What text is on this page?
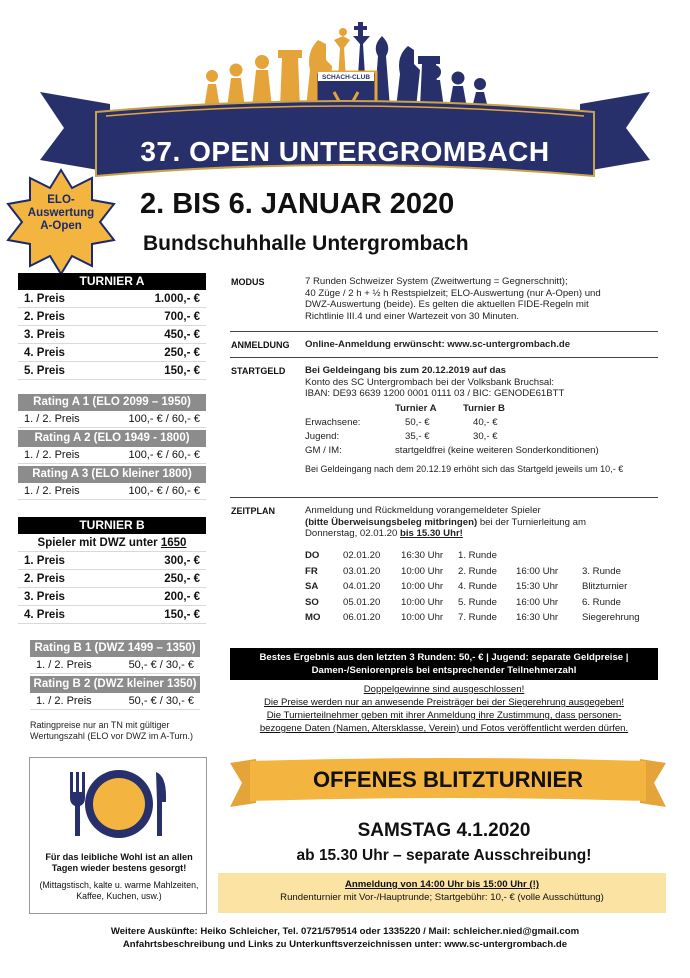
SCHACH-CLUB
37. OPEN UNTERGROMBACH
ELO-
Auswertung
A-Open
2. BIS 6. JANUAR 2020
Bundschuhhalle Untergrombach
TURNIER A
1. Preis	1.000,- €
2. Preis	700,- €
3. Preis	450,- €
4. Preis	250,- €
5. Preis	150,- €
Rating A 1 (ELO 2099 – 1950)
1. / 2. Preis	100,- € / 60,- €
Rating A 2 (ELO 1949 - 1800)
1. / 2. Preis	100,- € / 60,- €
Rating A 3 (ELO kleiner 1800)
1. / 2. Preis	100,- € / 60,- €
TURNIER B
Spieler mit DWZ unter 1650
1. Preis	300,- €
2. Preis	250,- €
3. Preis	200,- €
4. Preis	150,- €
Rating B 1 (DWZ 1499 – 1350)
1. / 2. Preis	50,- € / 30,- €
Rating B 2 (DWZ kleiner 1350)
1. / 2. Preis	50,- € / 30,- €
Ratingpreise nur an TN mit gültiger Wertungszahl (ELO vor DWZ im A-Turn.)
MODUS	7 Runden Schweizer System (Zweitwertung = Gegnerschnitt);
40 Züge / 2 h + ½ h Restspielzeit; ELO-Auswertung (nur A-Open) und
DWZ-Auswertung (beide). Es gelten die aktuellen FIDE-Regeln mit
Richtlinie III.4 und einer Wartezeit von 30 Minuten.
ANMELDUNG Online-Anmeldung erwünscht: www.sc-untergrombach.de
STARTGELD Bei Geldeingang bis zum 20.12.2019 auf das
Konto des SC Untergrombach bei der Volksbank Bruchsal:
IBAN: DE93 6639 1200 0001 0111 03 / BIC: GENODE61BTT
Turnier A	Turnier B
Erwachsene:	50,- €	40,- €
Jugend:	35,- €	30,- €
GM / IM:	startgeldfrei (keine weiteren Sonderkonditionen)
Bei Geldeingang nach dem 20.12.19 erhöht sich das Startgeld jeweils um 10,- €
ZEITPLAN	Anmeldung und Rückmeldung vorangemeldeter Spieler
(bitte Überweisungsbeleg mitbringen) bei der Turnierleitung am
Donnerstag, 02.01.20 bis 15.30 Uhr!
DO	02.01.20	16:30 Uhr	1. Runde
FR	03.01.20	10:00 Uhr	2. Runde	16:00 Uhr	3. Runde
SA	04.01.20	10:00 Uhr	4. Runde	15:30 Uhr	Blitzturnier
SO	05.01.20	10:00 Uhr	5. Runde	16:00 Uhr	6. Runde
MO	06.01.20	10:00 Uhr	7. Runde	16:30 Uhr	Siegerehrung
Bestes Ergebnis aus den letzten 3 Runden: 50,- € | Jugend: separate Geldpreise |
Damen-/Seniorenpreis bei entsprechender Teilnehmerzahl
Doppelgewinne sind ausgeschlossen!
Die Preise werden nur an anwesende Preisträger bei der Siegerehrung ausgegeben!
Die Turnierteilnehmer geben mit ihrer Anmeldung ihre Zustimmung, dass personen-
bezogene Daten (Namen, Altersklasse, Verein) und Fotos veröffentlicht werden dürfen.
Für das leibliche Wohl ist an allen Tagen wieder bestens gesorgt!
(Mittagstisch, kalte u. warme Mahlzeiten, Kaffee, Kuchen, usw.)
OFFENES BLITZTURNIER
SAMSTAG 4.1.2020
ab 15.30 Uhr – separate Ausschreibung!
Anmeldung von 14:00 Uhr bis 15:00 Uhr (!)
Rundenturnier mit Vor-/Hauptrunde; Startgebühr: 10,- € (volle Ausschüttung)
Weitere Auskünfte: Heiko Schleicher, Tel. 0721/579514 oder 1335220 / Mail: schleicher.nied@gmail.com
Anfahrtsbeschreibung und Links zu Unterkunftsverzeichnissen unter: www.sc-untergrombach.de
